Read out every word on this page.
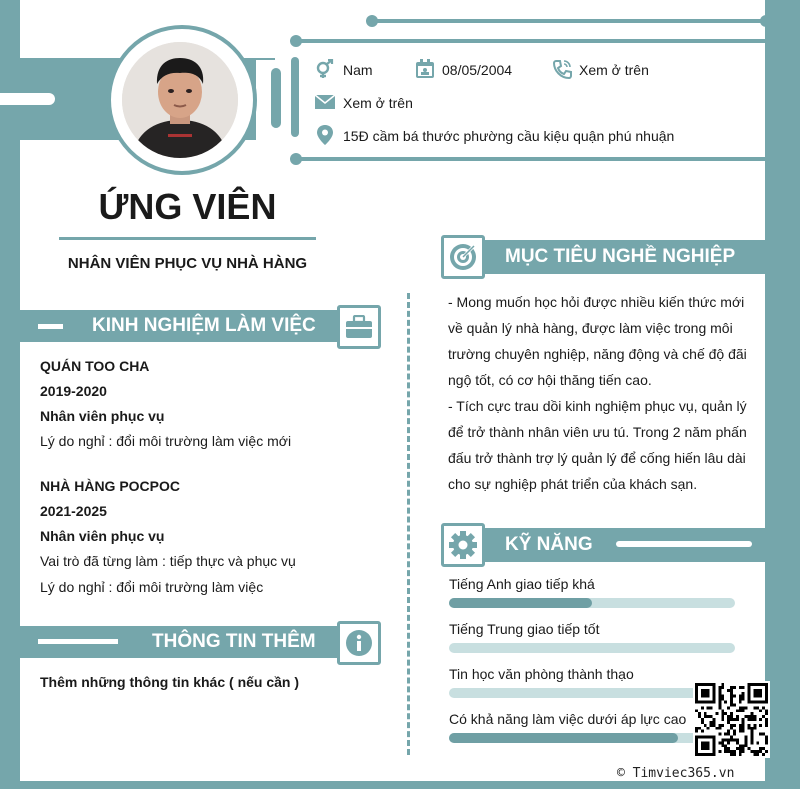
Nam	08/05/2004	Xem ở trên
Xem ở trên
15Đ cầm bá thước phường cầu kiệu quận phú nhuận
ỨNG VIÊN
NHÂN VIÊN PHỤC VỤ NHÀ HÀNG
KINH NGHIỆM LÀM VIỆC
QUÁN TOO CHA
2019-2020
Nhân viên phục vụ
Lý do nghỉ : đổi môi trường làm việc mới
NHÀ HÀNG POCPOC
2021-2025
Nhân viên phục vụ
Vai trò đã từng làm : tiếp thực và phục vụ
Lý do nghỉ : đổi môi trường làm việc
THÔNG TIN THÊM
Thêm những thông tin khác ( nếu cần )
MỤC TIÊU NGHỀ NGHIỆP
- Mong muốn học hỏi được nhiều kiến thức mới
về quản lý nhà hàng, được làm việc trong môi
trường chuyên nghiệp, năng động và chế độ đãi
ngộ tốt, có cơ hội thăng tiến cao.
- Tích cực trau dồi kinh nghiệm phục vụ, quản lý
để trở thành nhân viên ưu tú. Trong 2 năm phấn
đấu trở thành trợ lý quản lý để cống hiến lâu dài
cho sự nghiệp phát triển của khách sạn.
KỸ NĂNG
Tiếng Anh giao tiếp khá
Tiếng Trung giao tiếp tốt
Tin học văn phòng thành thạo
Có khả năng làm việc dưới áp lực cao
© Timviec365.vn
